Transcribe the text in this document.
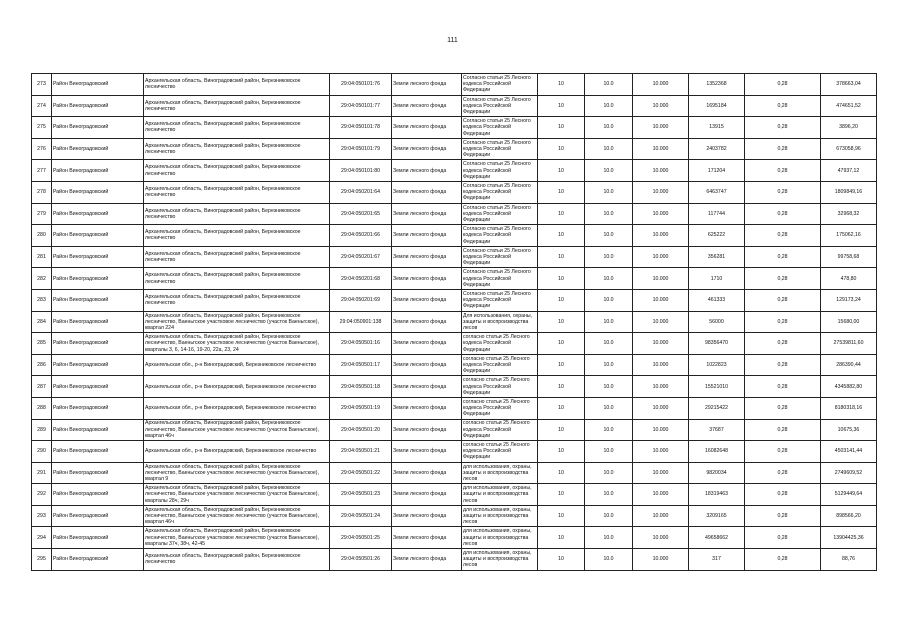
111
273	Район Виноградовский	Архангельская область, Виноградовский район, Березниковское лесничество	29:04:050101:76	Земли лесного фонда	Согласно статьи 25 Лесного кодекса Российской Федерации	10	10.0	10.000	1352368	0,28	378663,04
274	Район Виноградовский	Архангельская область, Виноградовский район, Березниковское лесничество	29:04:050101:77	Земли лесного фонда	Согласно статьи 25 Лесного кодекса Российской Федерации	10	10.0	10.000	1695184	0,28	474651,52
275	Район Виноградовский	Архангельская область, Виноградовский район, Березниковское лесничество	29:04:050101:78	Земли лесного фонда	Согласно статьи 25 Лесного кодекса Российской Федерации	10	10.0	10.000	13915	0,28	3896,20
276	Район Виноградовский	Архангельская область, Виноградовский район, Березниковское лесничество	29:04:050101:79	Земли лесного фонда	Согласно статьи 25 Лесного кодекса Российской Федерации	10	10.0	10.000	2403782	0,28	673058,96
277	Район Виноградовский	Архангельская область, Виноградовский район, Березниковское лесничество	29:04:050101:80	Земли лесного фонда	Согласно статьи 25 Лесного кодекса Российской Федерации	10	10.0	10.000	171204	0,28	47937,12
278	Район Виноградовский	Архангельская область, Виноградовский район, Березниковское лесничество	29:04:050201:64	Земли лесного фонда	Согласно статьи 25 Лесного кодекса Российской Федерации	10	10.0	10.000	6463747	0,28	1809849,16
279	Район Виноградовский	Архангельская область, Виноградовский район, Березниковское лесничество	29:04:050201:65	Земли лесного фонда	Согласно статьи 25 Лесного кодекса Российской Федерации	10	10.0	10.000	117744	0,28	32968,32
280	Район Виноградовский	Архангельская область, Виноградовский район, Березниковское лесничество	29:04:050201:66	Земли лесного фонда	Согласно статьи 25 Лесного кодекса Российской Федерации	10	10.0	10.000	625222	0,28	175062,16
281	Район Виноградовский	Архангельская область, Виноградовский район, Березниковское лесничество	29:04:050201:67	Земли лесного фонда	Согласно статьи 25 Лесного кодекса Российской Федерации	10	10.0	10.000	356281	0,28	99758,68
282	Район Виноградовский	Архангельская область, Виноградовский район, Березниковское лесничество	29:04:050201:68	Земли лесного фонда	Согласно статьи 25 Лесного кодекса Российской Федерации	10	10.0	10.000	1710	0,28	478,80
283	Район Виноградовский	Архангельская область, Виноградовский район, Березниковское лесничество	29:04:050201:69	Земли лесного фонда	Согласно статьи 25 Лесного кодекса Российской Федерации	10	10.0	10.000	461333	0,28	129173,24
284	Район Виноградовский	Архангельская область, Виноградовский район, Березниковское лесничество, Ваеньгское участковое лесничество (участок Ваеньгское), квартал 224	29:04:050901:138	Земли лесного фонда	Для использования, охраны, защиты и воспроизводства лесов	10	10.0	10.000	56000	0,28	15680,00
285	Район Виноградовский	Архангельская область, Виноградовский район, Березниковское лесничество, Ваеньгское участковое лесничество (участок Ваеньгское), кварталы 3, 6, 14-16, 19-20, 22а, 23, 24	29:04:050501:16	Земли лесного фонда	согласно статьи 25 Лесного кодекса Российской Федерации	10	10.0	10.000	98356470	0,28	27539811,60
286	Район Виноградовский	Архангельская обл., р-н Виноградовский, Березниковское лесничество	29:04:050501:17	Земли лесного фонда	согласно статьи 25 Лесного кодекса Российской Федерации	10	10.0	10.000	1022823	0,28	286390,44
287	Район Виноградовский	Архангельская обл., р-н Виноградовский, Березниковское лесничество	29:04:050501:18	Земли лесного фонда	согласно статьи 25 Лесного кодекса Российской Федерации	10	10.0	10.000	15521010	0,28	4345882,80
288	Район Виноградовский	Архангельская обл., р-н Виноградовский, Березниковское лесничество	29:04:050501:19	Земли лесного фонда	согласно статьи 25 Лесного кодекса Российской Федерации	10	10.0	10.000	29215422	0,28	8180318,16
289	Район Виноградовский	Архангельская область, Виноградовский район, Березниковское лесничество, Ваеньгское участковое лесничество (участок Ваеньгское), квартал 46ч	29:04:050501:20	Земли лесного фонда	согласно статьи 25 Лесного кодекса Российской Федерации	10	10.0	10.000	37687	0,28	10675,36
290	Район Виноградовский	Архангельская обл., р-н Виноградовский, Березниковское лесничество	29:04:050501:21	Земли лесного фонда	согласно статьи 25 Лесного кодекса Российской Федерации	10	10.0	10.000	16082648	0,28	4503141,44
291	Район Виноградовский	Архангельская область, Виноградовский район, Березниковское лесничество, Ваеньгское участковое лесничество (участок Ваеньгское), квартал 9	29:04:050501:22	Земли лесного фонда	для использования, охраны, защиты и воспроизводства лесов	10	10.0	10.000	9820034	0,28	2749609,52
292	Район Виноградовский	Архангельская область, Виноградовский район, Березниковское лесничество, Ваеньгское участковое лесничество (участок Ваеньгское), кварталы 28ч, 29ч	29:04:050501:23	Земли лесного фонда	для использования, охраны, защиты и воспроизводства лесов	10	10.0	10.000	18319463	0,28	5129449,64
293	Район Виноградовский	Архангельская область, Виноградовский район, Березниковское лесничество, Ваеньгское участковое лесничество (участок Ваеньгское), квартал 46ч	29:04:050501:24	Земли лесного фонда	для использования, охраны, защиты и воспроизводства лесов	10	10.0	10.000	3209165	0,28	898566,20
294	Район Виноградовский	Архангельская область, Виноградовский район, Березниковское лесничество, Ваеньгское участковое лесничество (участок Ваеньгское), кварталы 37ч, 38ч, 42-45	29:04:050501:25	Земли лесного фонда	для использования, охраны, защиты и воспроизводства лесов	10	10.0	10.000	49658662	0,28	13904425,36
295	Район Виноградовский	Архангельская область, Виноградовский район, Березниковское лесничество	29:04:050501:26	Земли лесного фонда	для использования, охраны, защиты и воспроизводства лесов	10	10.0	10.000	317	0,28	88,76
